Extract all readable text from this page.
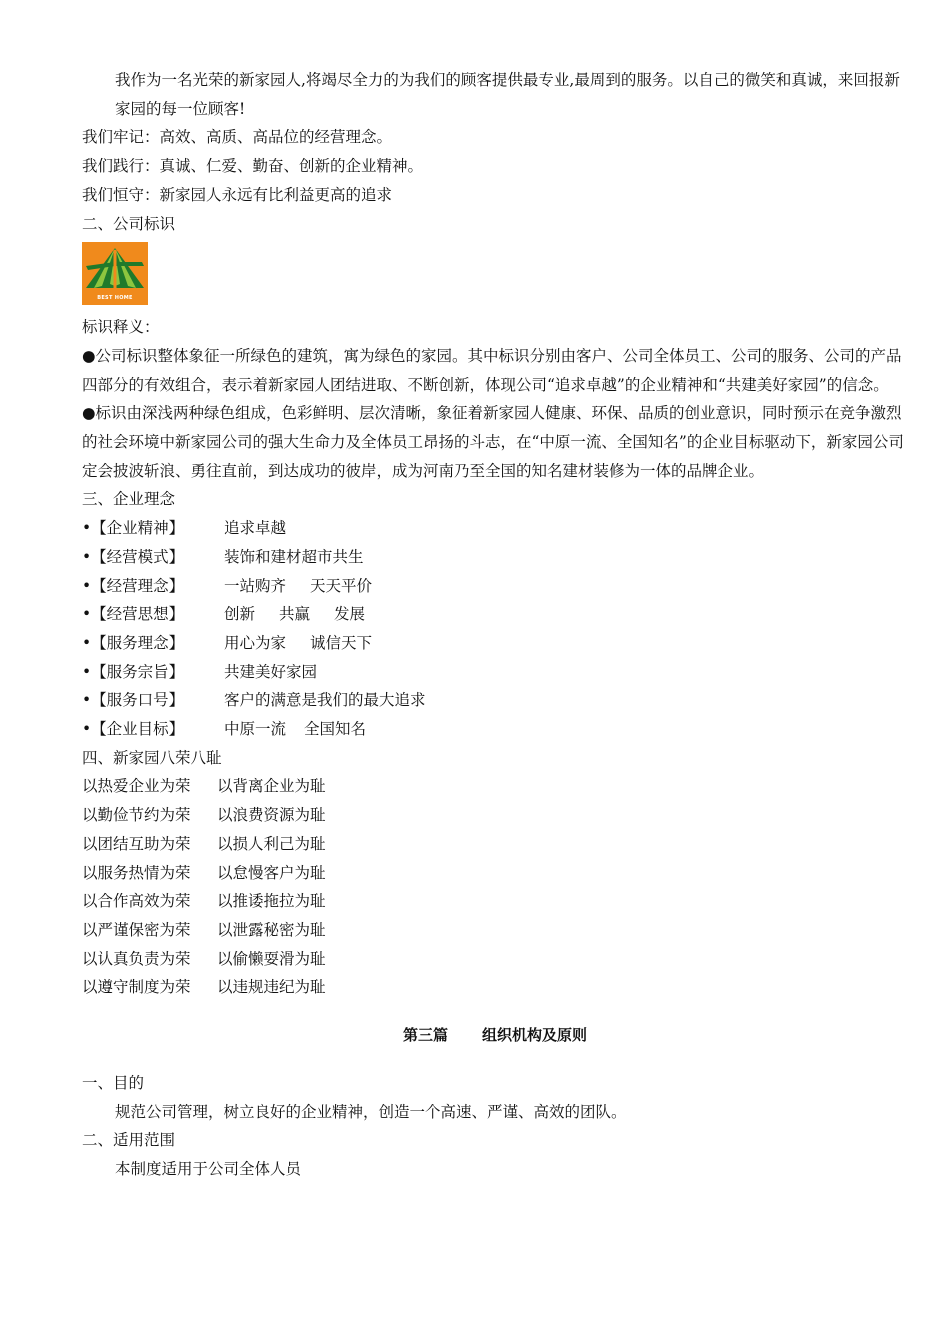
我作为一名光荣的新家园人,将竭尽全力的为我们的顾客提供最专业,最周到的服务。以自己的微笑和真诚，来回报新家园的每一位顾客!
我们牢记：高效、高质、高品位的经营理念。
我们践行：真诚、仁爱、勤奋、创新的企业精神。
我们恒守：新家园人永远有比利益更高的追求
二、公司标识
BEST HOME
标识释义：
●公司标识整体象征一所绿色的建筑，寓为绿色的家园。其中标识分别由客户、公司全体员工、公司的服务、公司的产品四部分的有效组合，表示着新家园人团结进取、不断创新，体现公司“追求卓越”的企业精神和“共建美好家园”的信念。
●标识由深浅两种绿色组成，色彩鲜明、层次清晰，象征着新家园人健康、环保、品质的创业意识，同时预示在竞争激烈的社会环境中新家园公司的强大生命力及全体员工昂扬的斗志，在“中原一流、全国知名”的企业目标驱动下，新家园公司定会披波斩浪、勇往直前，到达成功的彼岸，成为河南乃至全国的知名建材装修为一体的品牌企业。
三、企业理念
•【企业精神】	追求卓越
•【经营模式】	装饰和建材超市共生
•【经营理念】	一站购齐 天天平价
•【经营思想】	创新 共赢 发展
•【服务理念】	用心为家 诚信天下
•【服务宗旨】	共建美好家园
•【服务口号】	客户的满意是我们的最大追求
•【企业目标】	中原一流 全国知名
四、新家园八荣八耻
以热爱企业为荣	以背离企业为耻
以勤俭节约为荣	以浪费资源为耻
以团结互助为荣	以损人利己为耻
以服务热情为荣	以怠慢客户为耻
以合作高效为荣	以推诿拖拉为耻
以严谨保密为荣	以泄露秘密为耻
以认真负责为荣	以偷懒耍滑为耻
以遵守制度为荣	以违规违纪为耻
第三篇 组织机构及原则
一、目的
规范公司管理，树立良好的企业精神，创造一个高速、严谨、高效的团队。
二、适用范围
本制度适用于公司全体人员
